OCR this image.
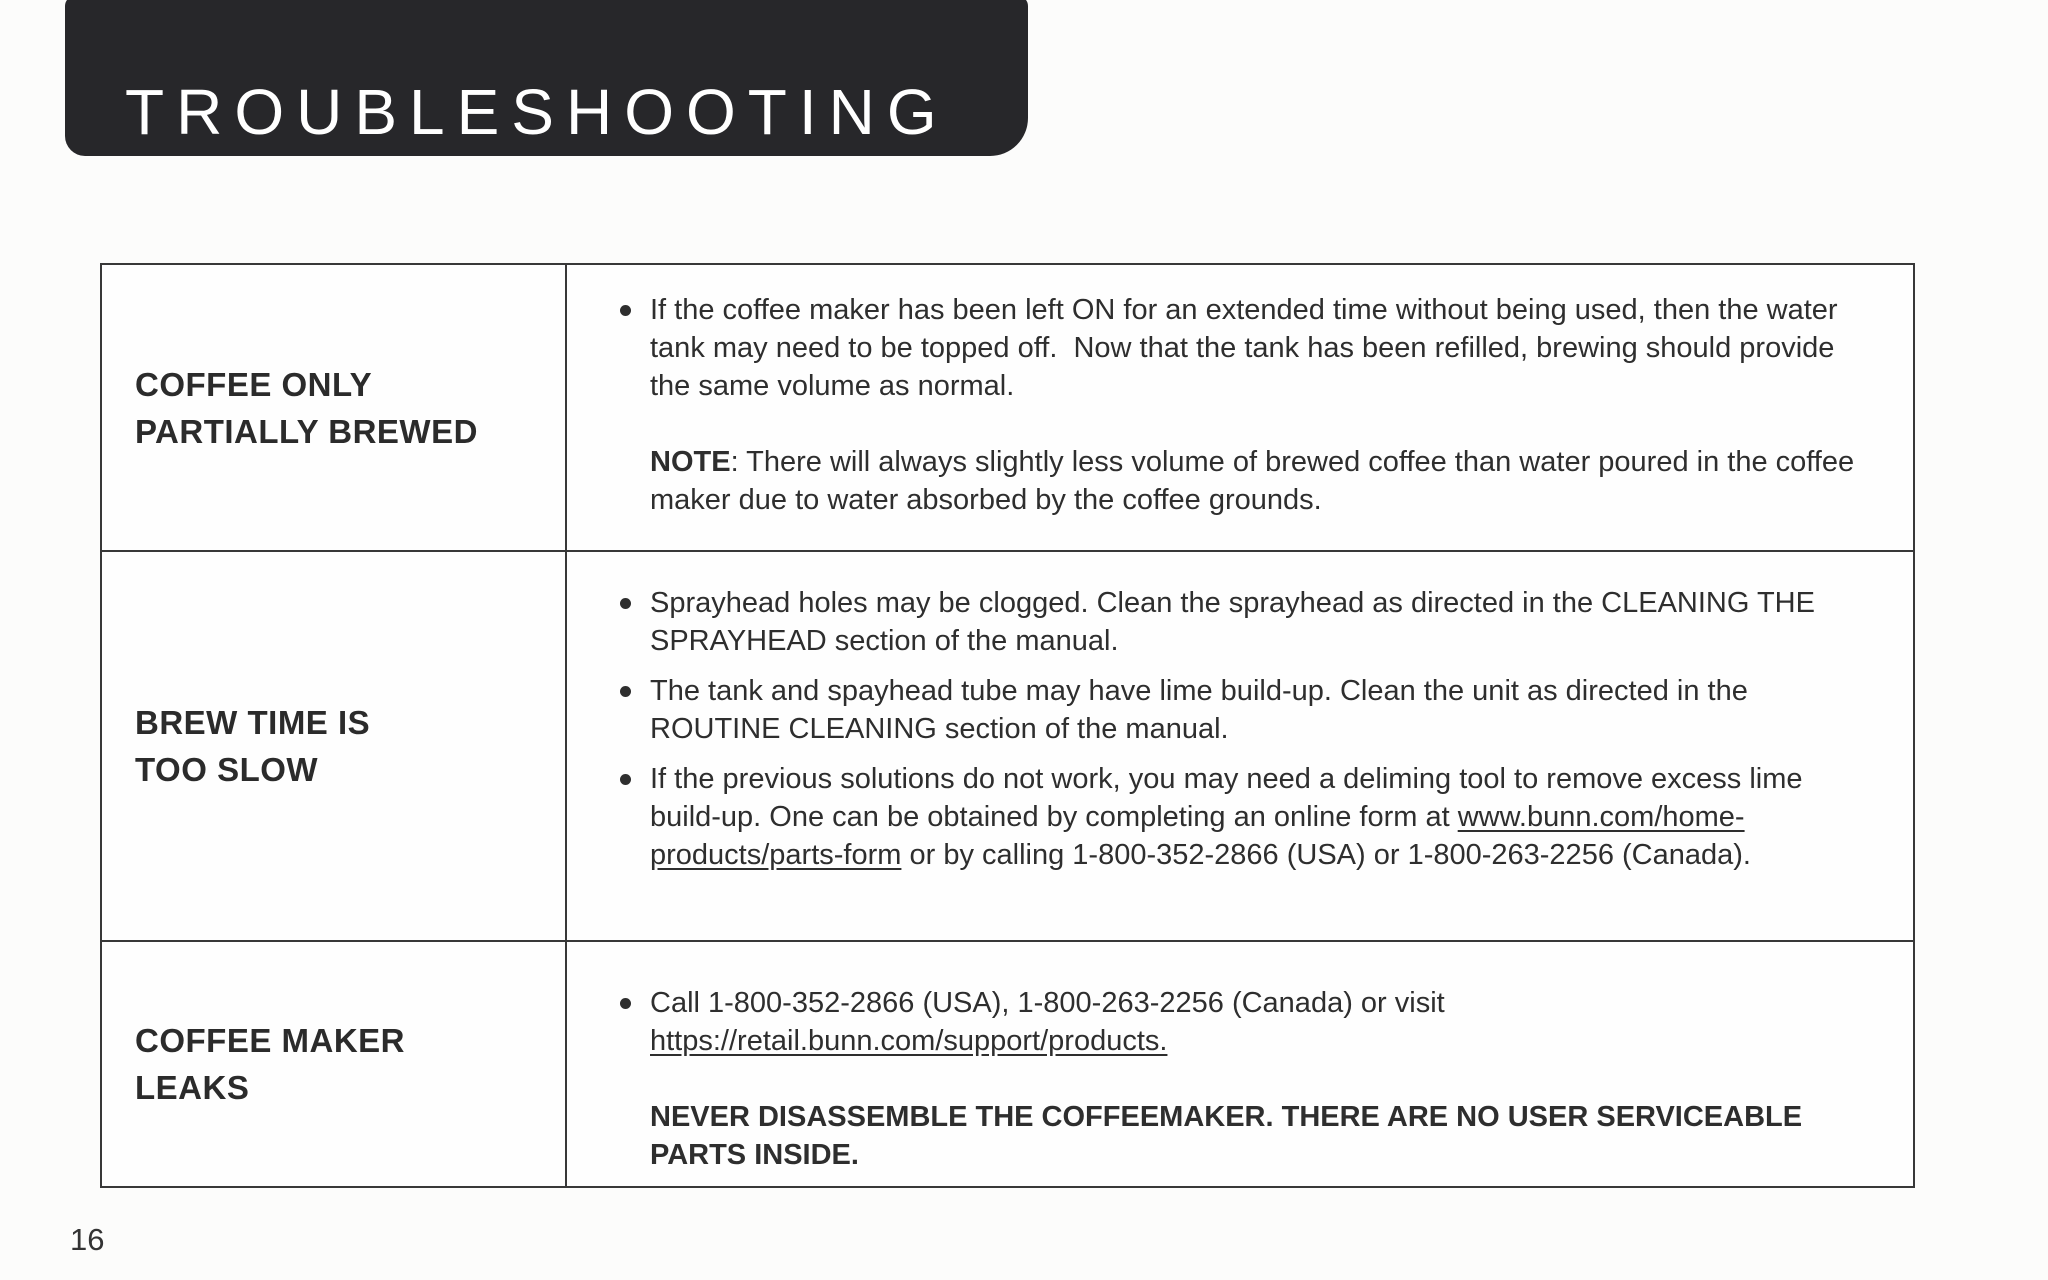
TROUBLESHOOTING
COFFEE ONLY
PARTIALLY BREWED
If the coffee maker has been left ON for an extended time without being used, then the water tank may need to be topped off.  Now that the tank has been refilled, brewing should provide the same volume as normal.

NOTE: There will always slightly less volume of brewed coffee than water poured in the coffee maker due to water absorbed by the coffee grounds.

BREW TIME IS
TOO SLOW
Sprayhead holes may be clogged. Clean the sprayhead as directed in the CLEANING THE SPRAYHEAD section of the manual.
The tank and spayhead tube may have lime build-up. Clean the unit as directed in the ROUTINE CLEANING section of the manual.
If the previous solutions do not work, you may need a deliming tool to remove excess lime build-up. One can be obtained by completing an online form at www.bunn.com/home-products/parts-form or by calling 1-800-352-2866 (USA) or 1-800-263-2256 (Canada).
COFFEE MAKER
LEAKS
Call 1-800-352-2866 (USA), 1-800-263-2256 (Canada) or visit https://retail.bunn.com/support/products.

NEVER DISASSEMBLE THE COFFEEMAKER. THERE ARE NO USER SERVICEABLE PARTS INSIDE.

16
